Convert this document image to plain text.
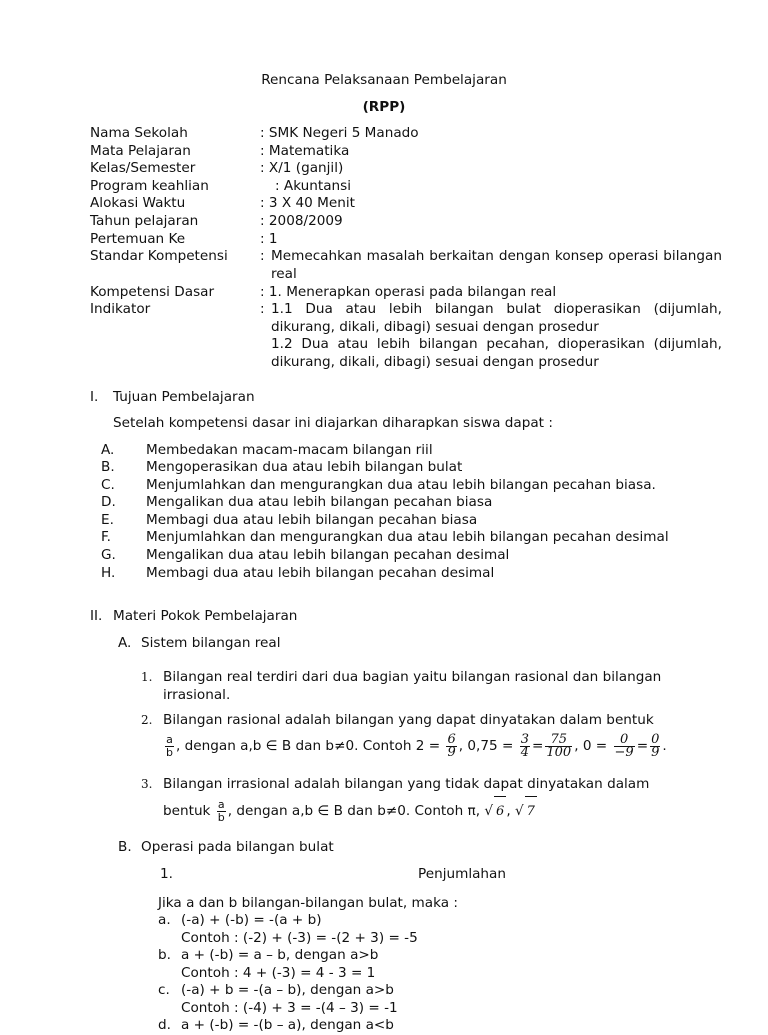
Rencana Pelaksanaan Pembelajaran
(RPP)
Nama Sekolah	: SMK Negeri 5 Manado
Mata Pelajaran	: Matematika
Kelas/Semester	: X/1 (ganjil)
Program keahlian	: Akuntansi
Alokasi Waktu	: 3 X 40 Menit
Tahun pelajaran	: 2008/2009
Pertemuan Ke	: 1
Standar Kompetensi : Memecahkan masalah berkaitan dengan konsep operasi bilangan real
Kompetensi Dasar	: 1. Menerapkan operasi pada bilangan real
Indikator	: 1.1 Dua atau lebih bilangan bulat dioperasikan (dijumlah, dikurang, dikali, dibagi) sesuai dengan prosedur
1.2 Dua atau lebih bilangan pecahan, dioperasikan (dijumlah, dikurang, dikali, dibagi) sesuai dengan prosedur
I. Tujuan Pembelajaran
Setelah kompetensi dasar ini diajarkan diharapkan siswa dapat :
A. Membedakan macam-macam bilangan riil
B. Mengoperasikan dua atau lebih bilangan bulat
C. Menjumlahkan dan mengurangkan dua atau lebih bilangan pecahan biasa.
D. Mengalikan dua atau lebih bilangan pecahan biasa
E. Membagi dua atau lebih bilangan pecahan biasa
F.	Menjumlahkan dan mengurangkan dua atau lebih bilangan pecahan desimal
G. Mengalikan dua atau lebih bilangan pecahan desimal
H. Membagi dua atau lebih bilangan pecahan desimal
II. Materi Pokok Pembelajaran
A. Sistem bilangan real
1. Bilangan real terdiri dari dua bagian yaitu bilangan rasional dan bilangan
irrasional.
2. Bilangan rasional adalah bilangan yang dapat dinyatakan dalam bentuk
$\frac{a}{b}$ , dengan a,b ∈ B dan b≠0. Contoh $2 = \frac{6}{9}$ , $0,75 = \frac{3}{4} = \frac{75}{100}$ , $0 = \frac{0}{-9} = \frac{0}{9}$ .
3. Bilangan irrasional adalah bilangan yang tidak dapat dinyatakan dalam
bentuk $\frac{a}{b}$ , dengan a,b ∈ B dan b≠0. Contoh π, √ 6 , √ 7
B. Operasi pada bilangan bulat
1.	Penjumlahan
Jika a dan b bilangan-bilangan bulat, maka :
a. (-a) + (-b) = -(a + b)
Contoh : (-2) + (-3) = -(2 + 3) = -5
b. a + (-b) = a – b, dengan a>b
Contoh : 4 + (-3) = 4 - 3 = 1
c. (-a) + b = -(a – b), dengan a>b
Contoh : (-4) + 3 = -(4 – 3) = -1
d. a + (-b) = -(b – a), dengan a<b
